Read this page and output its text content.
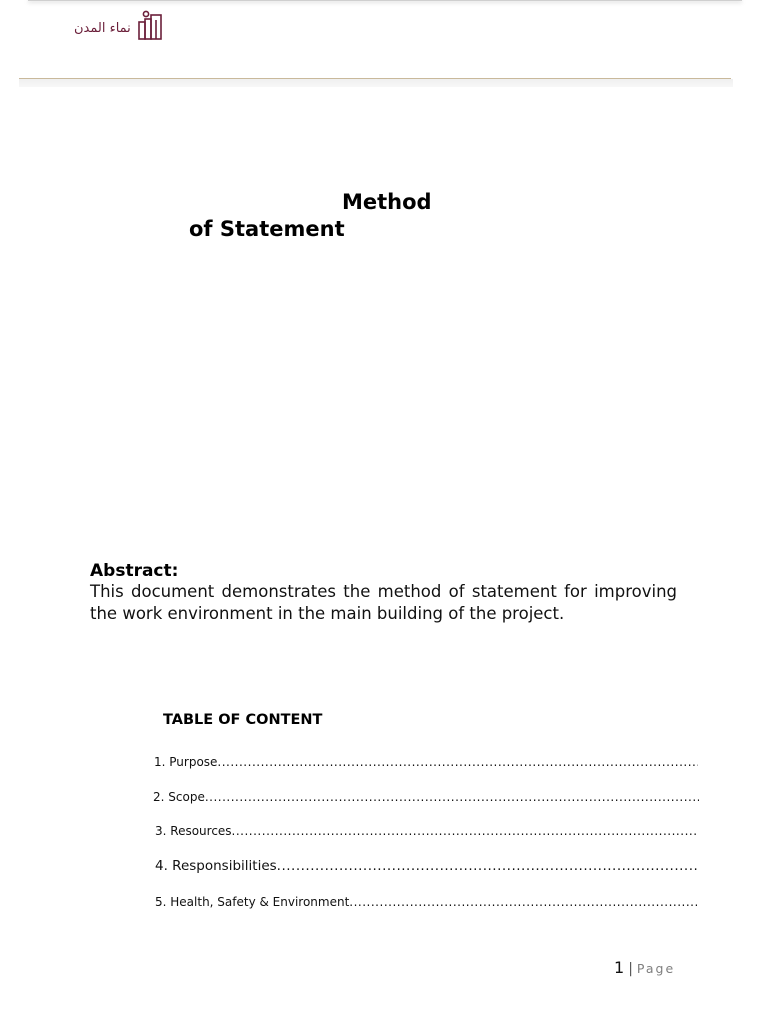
نماء المدن
Method
of Statement
Abstract:
This document demonstrates the method of statement for improving the work environment in the main building of the project.
TABLE OF CONTENT
1. Purpose
.....
2. Scope
.....
3. Resources
.....
4. Responsibilities
.....
5. Health, Safety & Environment
.....
1 | Page
